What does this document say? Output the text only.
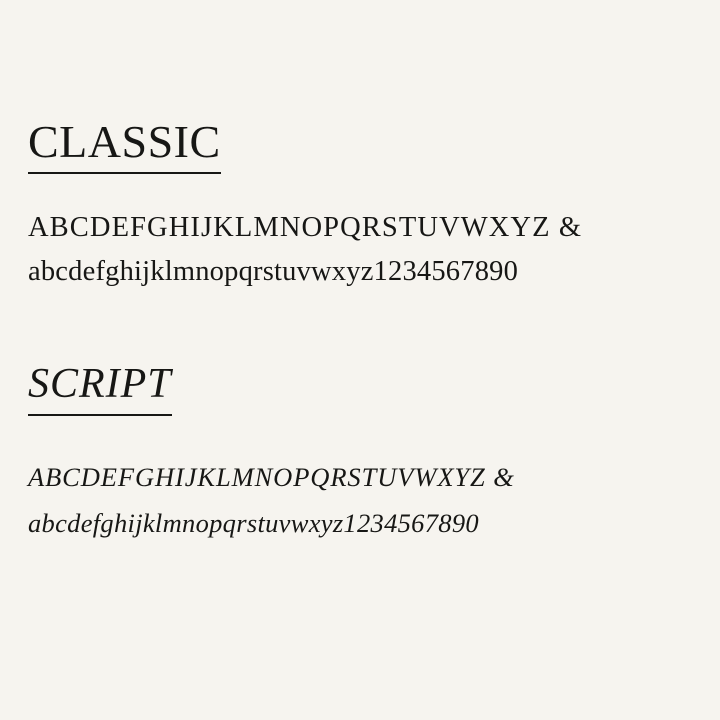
CLASSIC
ABCDEFGHIJKLMNOPQRSTUVWXYZ &
abcdefghijklmnopqrstuvwxyz1234567890
SCRIPT
ABCDEFGHIJKLMNOPQRSTUVWXYZ &
abcdefghijklmnopqrstuvwxyz1234567890
